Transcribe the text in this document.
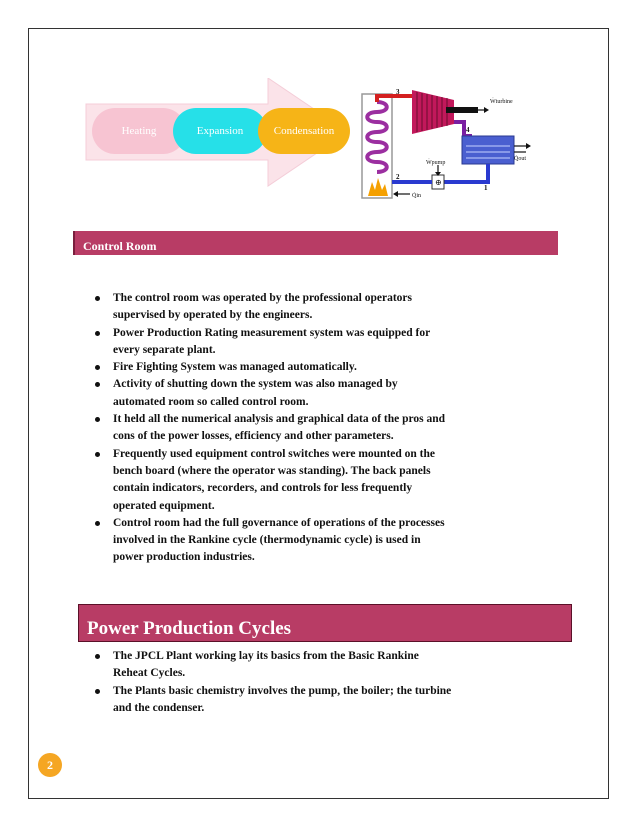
Heating	Expansion	Condensation
Ẇturbine
Q̇out
⊕
Ẇpump
Q̇in
3
4
2
1
Control Room
The control room was operated by the professional operators supervised by operated by the engineers.
Power Production Rating measurement system was equipped for every separate plant.
Fire Fighting System was managed automatically.
Activity of shutting down the system was also managed by automated room so called control room.
It held all the numerical analysis and graphical data of the pros and cons of the power losses, efficiency and other parameters.
Frequently used equipment control switches were mounted on the bench board (where the operator was standing). The back panels contain indicators, recorders, and controls for less frequently operated equipment.
Control room had the full governance of operations of the processes involved in the Rankine cycle (thermodynamic cycle) is used in power production industries.
Power Production Cycles
The JPCL Plant working lay its basics from the Basic Rankine Reheat Cycles.
The Plants basic chemistry involves the pump, the boiler; the turbine and the condenser.
2
